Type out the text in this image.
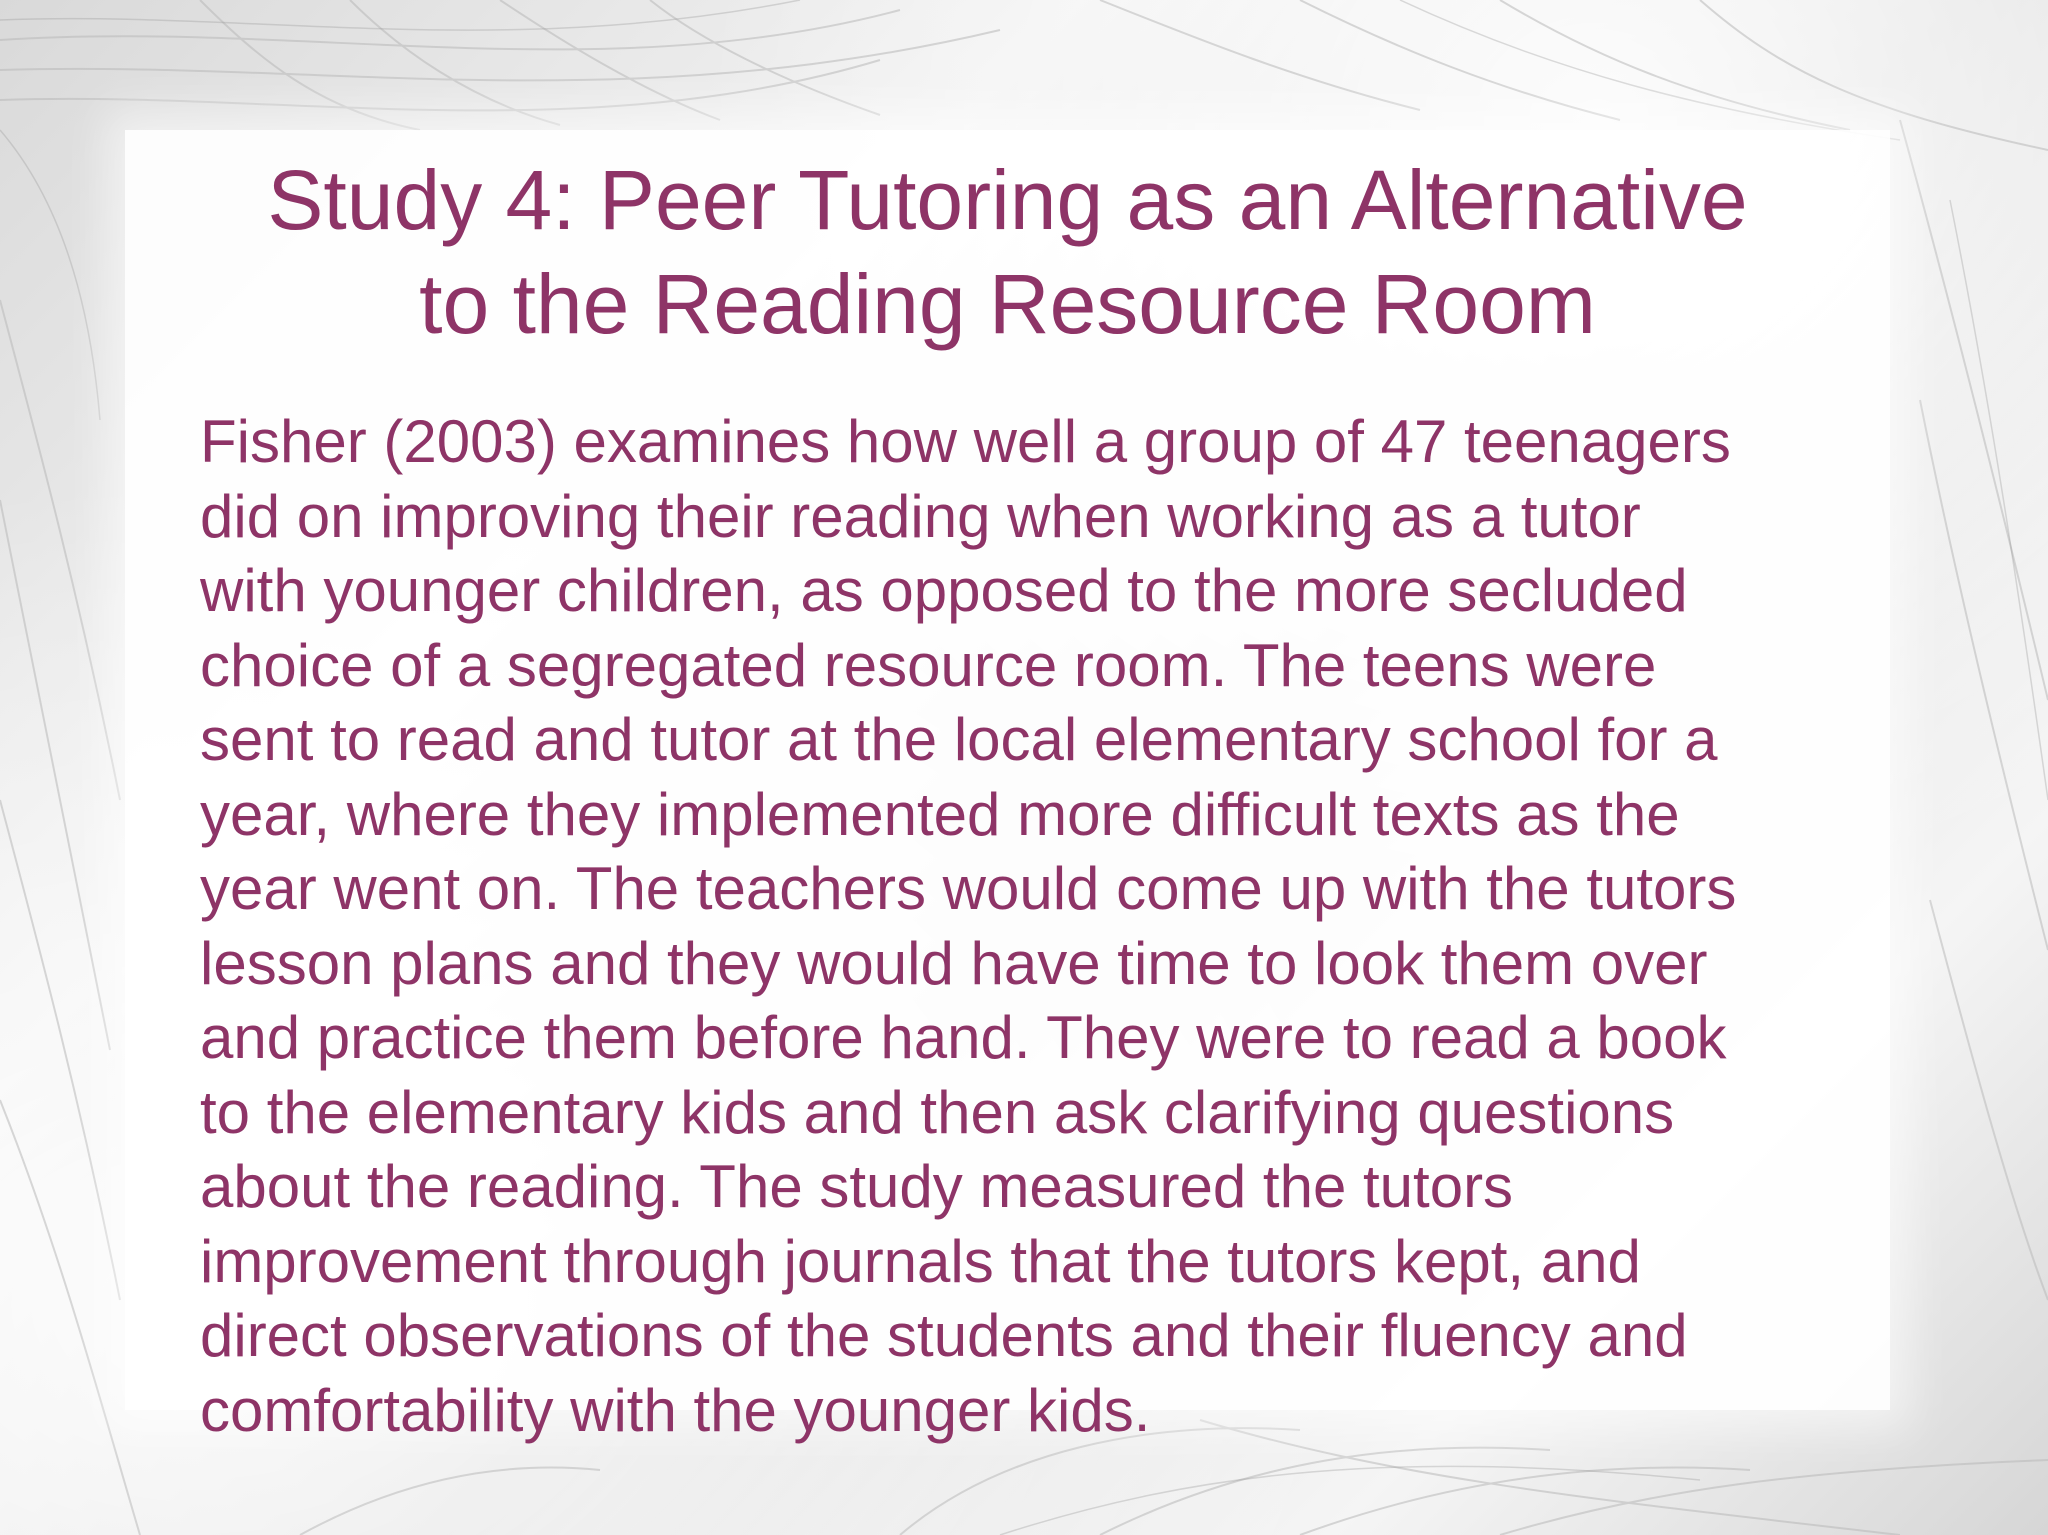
Study 4: Peer Tutoring as an Alternative
to the Reading Resource Room

Fisher (2003) examines how well a group of 47 teenagers
did on improving their reading when working as a tutor
with younger children, as opposed to the more secluded
choice of a segregated resource room. The teens were
sent to read and tutor at the local elementary school for a
year, where they implemented more difficult texts as the
year went on. The teachers would come up with the tutors
lesson plans and they would have time to look them over
and practice them before hand. They were to read a book
to the elementary kids and then ask clarifying questions
about the reading. The study measured the tutors
improvement through journals that the tutors kept, and
direct observations of the students and their fluency and
comfortability with the younger kids.
